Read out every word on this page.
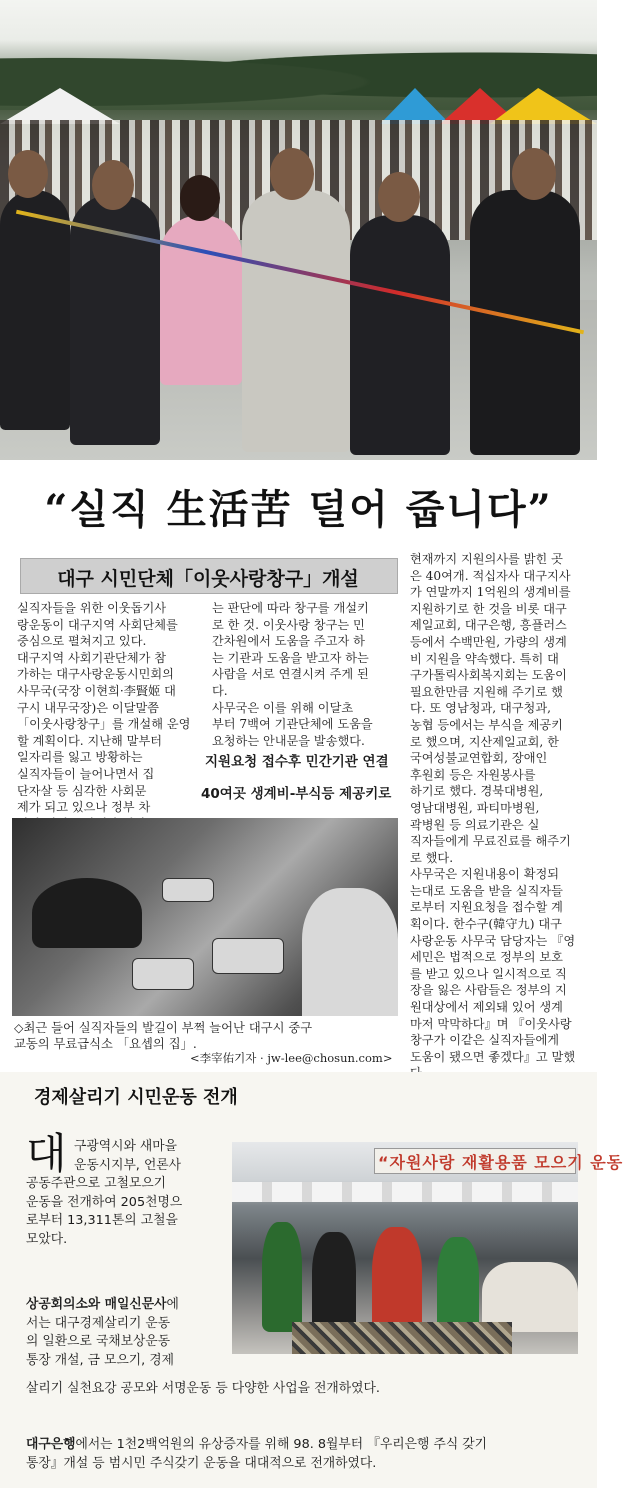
“실직 生活苦 덜어 줍니다”
대구 시민단체「이웃사랑창구」개설
실직자들을 위한 이웃돕기사
랑운동이 대구지역 사회단체를
중심으로 펼쳐지고 있다.
대구지역 사회기관단체가 참
가하는 대구사랑운동시민회의
사무국(국장 이현희·李賢姬 대
구시 내무국장)은 이달말쯤
「이웃사랑창구」를 개설해 운영
할 계획이다. 지난해 말부터
일자리를 잃고 방황하는
실직자들이 늘어나면서 집
단자살 등 심각한 사회문
제가 되고 있으나 정부 차

는 판단에 따라 창구를 개설키
로 한 것. 이웃사랑 창구는 민
간차원에서 도움을 주고자 하
는 기관과 도움을 받고자 하는
사람을 서로 연결시켜 주게 된
다.
사무국은 이를 위해 이달초
부터 7백여 기관단체에 도움을
요청하는 안내문을 발송했다.
현재까지 지원의사를 밝힌 곳
은 40여개. 적십자사 대구지사
가 연말까지 1억원의 생계비를
지원하기로 한 것을 비롯 대구
제일교회, 대구은행, 흥플러스
등에서 수백만원, 가량의 생계
비 지원을 약속했다. 특히 대
구가톨릭사회복지회는 도움이
필요한만큼 지원해 주기로 했
다. 또 영남청과, 대구청과,
농협 등에서는 부식을 제공키
로 했으며, 지산제일교회, 한
국여성불교연합회, 장애인
후원회 등은 자원봉사를
하기로 했다. 경북대병원,
영남대병원, 파티마병원,
곽병원 등 의료기관은 실
직자들에게 무료진료를 해주기
로 했다.
사무국은 지원내용이 확정되
는대로 도움을 받을 실직자들
로부터 지원요청을 접수할 계
획이다. 한수구(韓守九) 대구
사랑운동 사무국 담당자는 『영
세민은 법적으로 정부의 보호
를 받고 있으나 일시적으로 직
장을 잃은 사람들은 정부의 지
원대상에서 제외돼 있어 생계
마저 막막하다』며 『이웃사랑
창구가 이같은 실직자들에게
도움이 됐으면 좋겠다』고 말했

지원요청 접수후 민간기관 연결
40여곳 생계비-부식등 제공키로
◇최근 들어 실직자들의 발길이 부쩍 늘어난 대구시 중구
교동의 무료급식소 「요셉의 집」.
<李宰佑기자 · jw-lee@chosun.com>
경제살리기 시민운동 전개
대 구광역시와 새마을
운동시지부, 언론사
공동주관으로 고철모으기
운동을 전개하여 205천명으
로부터 13,311톤의 고철을
모았다.
상공회의소와 매일신문사에
서는 대구경제살리기 운동
의 일환으로 국채보상운동
통장 개설, 금 모으기, 경제
살리기 실천요강 공모와 서명운동 등 다양한 사업을 전개하였다.
대구은행에서는 1천2백억원의 유상증자를 위해 98. 8월부터 『우리은행 주식 갖기
통장』개설 등 범시민 주식갖기 운동을 대대적으로 전개하였다.
“자원사랑 재활용품 모으기 운동
